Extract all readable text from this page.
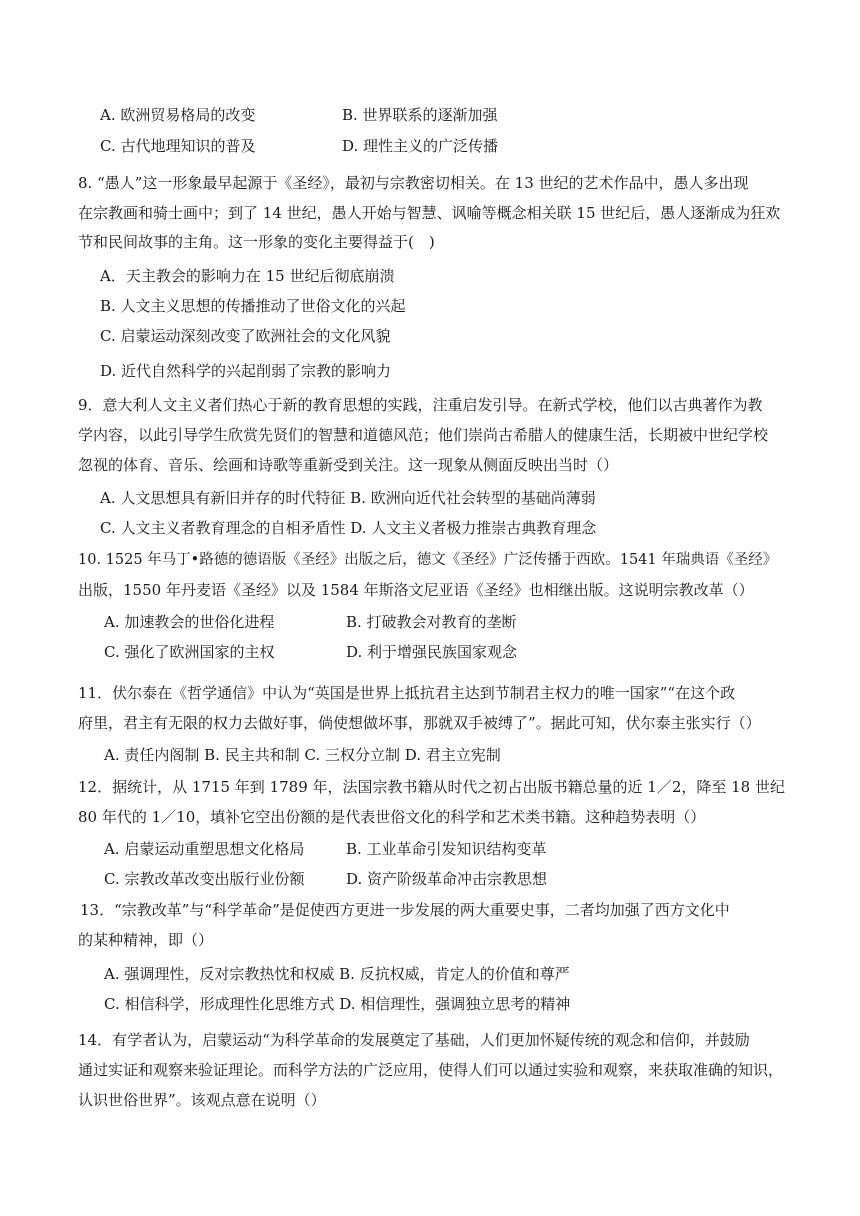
A. 欧洲贸易格局的改变	B. 世界联系的逐渐加强
C. 古代地理知识的普及	D. 理性主义的广泛传播
8. “愚人”这一形象最早起源于《圣经》，最初与宗教密切相关。在 13 世纪的艺术作品中，愚人多出现
在宗教画和骑士画中；到了 14 世纪，愚人开始与智慧、讽喻等概念相关联 15 世纪后，愚人逐渐成为狂欢
节和民间故事的主角。这一形象的变化主要得益于(　)
A．天主教会的影响力在 15 世纪后彻底崩溃
B. 人文主义思想的传播推动了世俗文化的兴起
C. 启蒙运动深刻改变了欧洲社会的文化风貌
D. 近代自然科学的兴起削弱了宗教的影响力
9．意大利人文主义者们热心于新的教育思想的实践，注重启发引导。在新式学校，他们以古典著作为教
学内容，以此引导学生欣赏先贤们的智慧和道德风范；他们崇尚古希腊人的健康生活，长期被中世纪学校
忽视的体育、音乐、绘画和诗歌等重新受到关注。这一现象从侧面反映出当时（）
A. 人文思想具有新旧并存的时代特征 B. 欧洲向近代社会转型的基础尚薄弱
C. 人文主义者教育理念的自相矛盾性 D. 人文主义者极力推崇古典教育理念
10. 1525 年马丁•路德的德语版《圣经》出版之后，德文《圣经》广泛传播于西欧。1541 年瑞典语《圣经》
出版，1550 年丹麦语《圣经》以及 1584 年斯洛文尼亚语《圣经》也相继出版。这说明宗教改革（）
A. 加速教会的世俗化进程	B. 打破教会对教育的垄断
C. 强化了欧洲国家的主权	D. 利于增强民族国家观念
11．伏尔泰在《哲学通信》中认为“英国是世界上抵抗君主达到节制君主权力的唯一国家”“在这个政
府里，君主有无限的权力去做好事，倘使想做坏事，那就双手被缚了”。据此可知，伏尔泰主张实行（）
A. 责任内阁制 B. 民主共和制 C. 三权分立制 D. 君主立宪制
12．据统计，从 1715 年到 1789 年，法国宗教书籍从时代之初占出版书籍总量的近 1／2，降至 18 世纪
80 年代的 1／10，填补它空出份额的是代表世俗文化的科学和艺术类书籍。这种趋势表明（）
A. 启蒙运动重塑思想文化格局	B. 工业革命引发知识结构变革
C. 宗教改革改变出版行业份额	D. 资产阶级革命冲击宗教思想
13．“宗教改革”与“科学革命”是促使西方更进一步发展的两大重要史事，二者均加强了西方文化中
的某种精神，即（）
A. 强调理性，反对宗教热忱和权威 B. 反抗权威，肯定人的价值和尊严
C. 相信科学，形成理性化思维方式 D. 相信理性，强调独立思考的精神
14．有学者认为，启蒙运动“为科学革命的发展奠定了基础，人们更加怀疑传统的观念和信仰，并鼓励
通过实证和观察来验证理论。而科学方法的广泛应用，使得人们可以通过实验和观察，来获取准确的知识，
认识世俗世界”。该观点意在说明（）
